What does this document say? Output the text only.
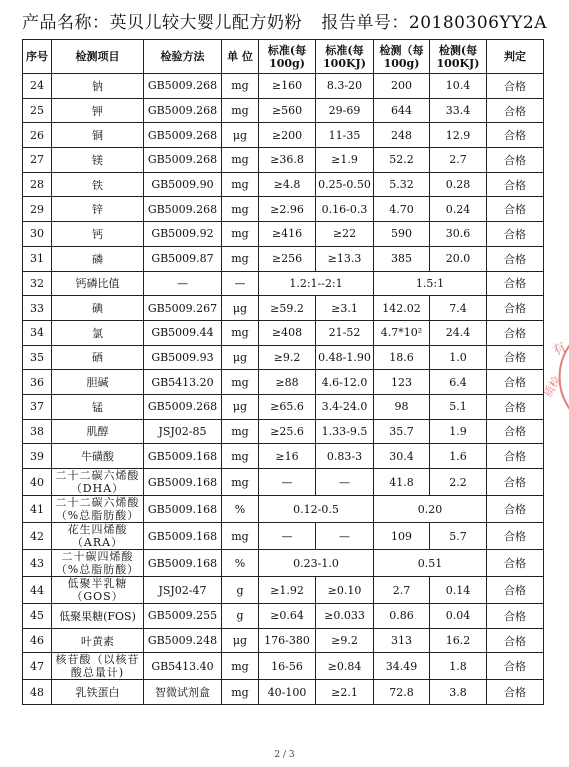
产品名称：英贝儿较大婴儿配方奶粉 报告单号：20180306YY2A
序号	检测项目	检验方法	单 位	标准(每100g)	标准(每100KJ)	检测（每100g)	检测(每100KJ)	判定
24	钠	GB5009.268	mg	≥160	8.3-20	200	10.4	合格
25	钾	GB5009.268	mg	≥560	29-69	644	33.4	合格
26	铜	GB5009.268	μg	≥200	11-35	248	12.9	合格
27	镁	GB5009.268	mg	≥36.8	≥1.9	52.2	2.7	合格
28	铁	GB5009.90	mg	≥4.8	0.25-0.50	5.32	0.28	合格
29	锌	GB5009.268	mg	≥2.96	0.16-0.3	4.70	0.24	合格
30	钙	GB5009.92	mg	≥416	≥22	590	30.6	合格
31	磷	GB5009.87	mg	≥256	≥13.3	385	20.0	合格
32	钙磷比值	—	—	1.2:1--2:1		1.5:1		合格
33	碘	GB5009.267	μg	≥59.2	≥3.1	142.02	7.4	合格
34	氯	GB5009.44	mg	≥408	21-52	4.7*10²	24.4	合格
35	硒	GB5009.93	μg	≥9.2	0.48-1.90	18.6	1.0	合格
36	胆碱	GB5413.20	mg	≥88	4.6-12.0	123	6.4	合格
37	锰	GB5009.268	μg	≥65.6	3.4-24.0	98	5.1	合格
38	肌醇	JSJ02-85	mg	≥25.6	1.33-9.5	35.7	1.9	合格
39	牛磺酸	GB5009.168	mg	≥16	0.83-3	30.4	1.6	合格
40	二十二碳六烯酸（DHA）	GB5009.168	mg	—	—	41.8	2.2	合格
41	二十二碳六烯酸（%总脂肪酸）	GB5009.168	%	0.12-0.5		0.20		合格
42	花生四烯酸（ARA）	GB5009.168	mg	—	—	109	5.7	合格
43	二十碳四烯酸（%总脂肪酸）	GB5009.168	%	0.23-1.0		0.51		合格
44	低聚半乳糖（GOS）	JSJ02-47	g	≥1.92	≥0.10	2.7	0.14	合格
45	低聚果糖(FOS)	GB5009.255	g	≥0.64	≥0.033	0.86	0.04	合格
46	叶黄素	GB5009.248	μg	176-380	≥9.2	313	16.2	合格
47	核苷酸（以核苷酸总量计)	GB5413.40	mg	16-56	≥0.84	34.49	1.8	合格
48	乳铁蛋白	智微试剂盒	mg	40-100	≥2.1	72.8	3.8	合格
有
质检
2 / 3
